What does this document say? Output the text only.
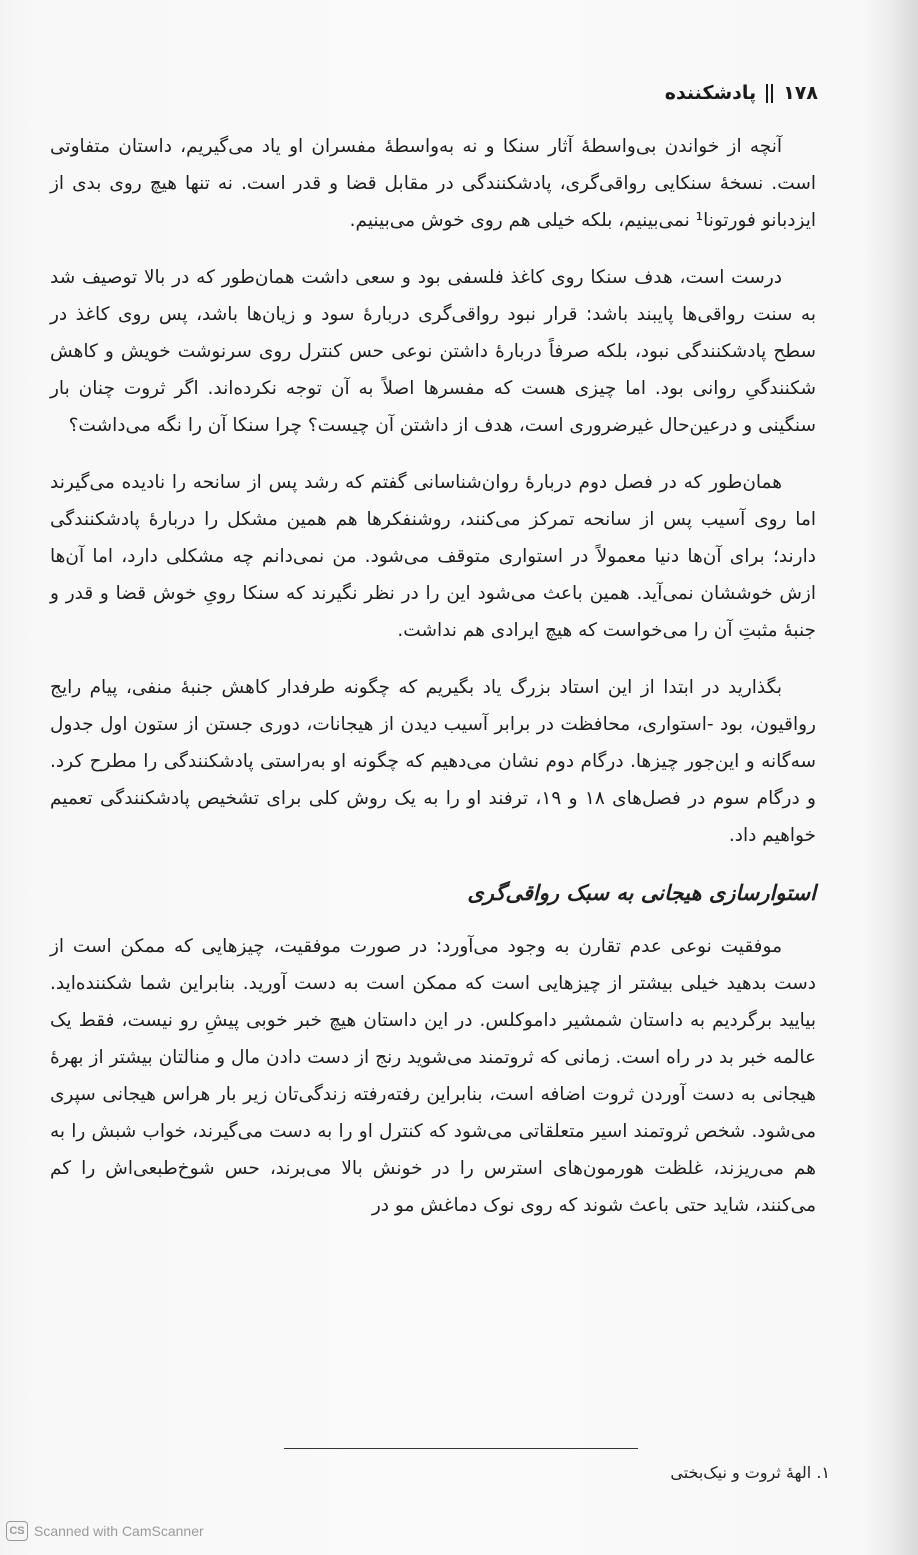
۱۷۸
پادشکننده

آنچه از خواندن بی‌واسطهٔ آثار سنکا و نه به‌واسطهٔ مفسران او یاد می‌گیریم، داستان متفاوتی است. نسخهٔ سنکایی رواقی‌گری، پادشکنندگی در مقابل قضا و قدر است. نه تنها هیچ روی بدی از ایزدبانو فورتونا¹ نمی‌بینیم، بلکه خیلی هم روی خوش می‌بینیم.

درست است، هدف سنکا روی کاغذ فلسفی بود و سعی داشت همان‌طور که در بالا توصیف شد به سنت رواقی‌ها پایبند باشد: قرار نبود رواقی‌گری دربارهٔ سود و زیان‌ها باشد، پس روی کاغذ در سطح پادشکنندگی نبود، بلکه صرفاً دربارهٔ داشتن نوعی حس کنترل روی سرنوشت خویش و کاهش شکنندگیِ روانی بود. اما چیزی هست که مفسرها اصلاً به آن توجه نکرده‌اند. اگر ثروت چنان بار سنگینی و درعین‌حال غیرضروری است، هدف از داشتن آن چیست؟ چرا سنکا آن را نگه می‌داشت؟

همان‌طور که در فصل دوم دربارهٔ روان‌شناسانی گفتم که رشد پس از سانحه را نادیده می‌گیرند اما روی آسیب پس از سانحه تمرکز می‌کنند، روشنفکرها هم همین مشکل را دربارهٔ پادشکنندگی دارند؛ برای آن‌ها دنیا معمولاً در استواری متوقف می‌شود. من نمی‌دانم چه مشکلی دارد، اما آن‌ها ازش خوششان نمی‌آید. همین باعث می‌شود این را در نظر نگیرند که سنکا رویِ خوش قضا و قدر و جنبهٔ مثبتِ آن را می‌خواست که هیچ ایرادی هم نداشت.

بگذارید در ابتدا از این استاد بزرگ یاد بگیریم که چگونه طرفدار کاهش جنبهٔ منفی، پیام رایج رواقیون، بود -استواری، محافظت در برابر آسیب دیدن از هیجانات، دوری جستن از ستون اول جدول سه‌گانه و این‌جور چیزها. درگام دوم نشان می‌دهیم که چگونه او به‌راستی پادشکنندگی را مطرح کرد. و درگام سوم در فصل‌های ۱۸ و ۱۹، ترفند او را به یک روش کلی برای تشخیص پادشکنندگی تعمیم خواهیم داد.

استوارسازی هیجانی به سبک رواقی‌گری

موفقیت نوعی عدم تقارن به وجود می‌آورد: در صورت موفقیت، چیزهایی که ممکن است از دست بدهید خیلی بیشتر از چیزهایی است که ممکن است به دست آورید. بنابراین شما شکننده‌اید. بیایید برگردیم به داستان شمشیر داموکلس. در این داستان هیچ خبر خوبی پیشِ رو نیست، فقط یک عالمه خبر بد در راه است. زمانی که ثروتمند می‌شوید رنج از دست دادن مال و منالتان بیشتر از بهرهٔ هیجانی به دست آوردن ثروت اضافه است، بنابراین رفته‌رفته زندگی‌تان زیر بار هراس هیجانی سپری می‌شود. شخص ثروتمند اسیر متعلقاتی می‌شود که کنترل او را به دست می‌گیرند، خواب شبش را به هم می‌ریزند، غلظت هورمون‌های استرس را در خونش بالا می‌برند، حس شوخ‌طبعی‌اش را کم می‌کنند، شاید حتی باعث شوند که روی نوک دماغش مو در

۱. الههٔ ثروت و نیک‌بختی
CS Scanned with CamScanner
